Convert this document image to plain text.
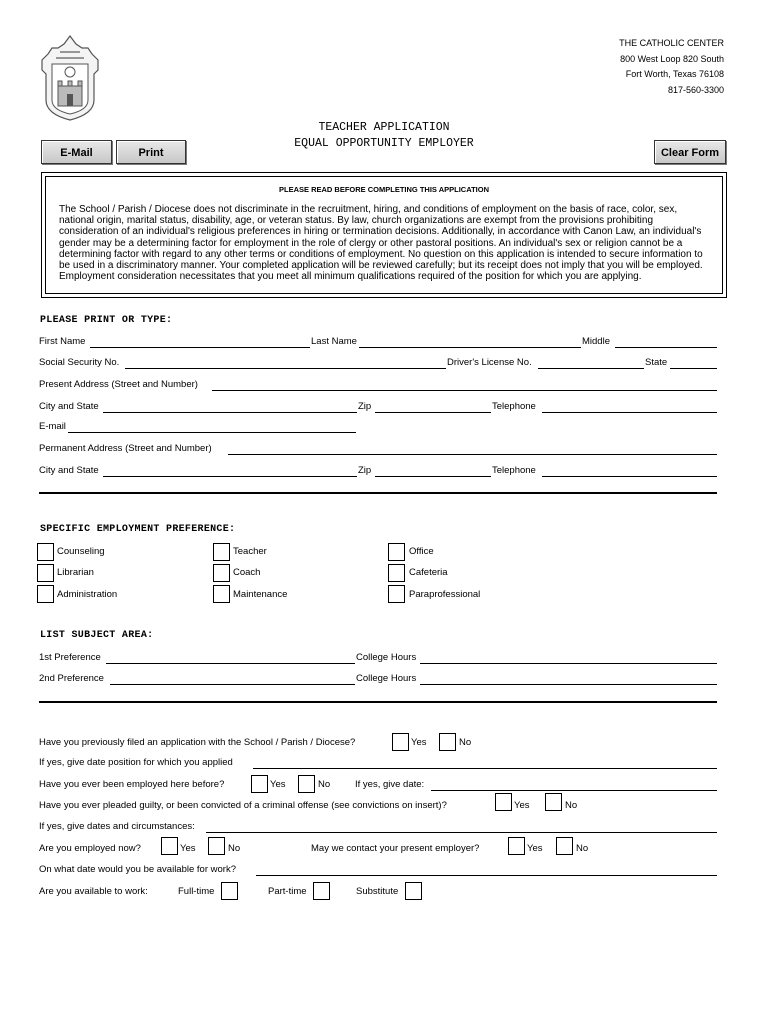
THE CATHOLIC CENTER
800 West Loop 820 South
Fort Worth, Texas 76108
817-560-3300
TEACHER APPLICATION
EQUAL OPPORTUNITY EMPLOYER
E-Mail	Print	Clear Form
PLEASE READ BEFORE COMPLETING THIS APPLICATION
The School / Parish / Diocese does not discriminate in the recruitment, hiring, and conditions of employment on the basis of race, color, sex, national origin, marital status, disability, age, or veteran status. By law, church organizations are exempt from the provisions prohibiting consideration of an individual's religious preferences in hiring or termination decisions. Additionally, in accordance with Canon Law, an individual's gender may be a determining factor for employment in the role of clergy or other pastoral positions. An individual's sex or religion cannot be a determining factor with regard to any other terms or conditions of employment. No question on this application is intended to secure information to be used in a discriminatory manner. Your completed application will be reviewed carefully; but its receipt does not imply that you will be employed. Employment consideration necessitates that you meet all minimum qualifications required of the position for which you are applying.
PLEASE PRINT OR TYPE:
First Name	Last Name	Middle
Social Security No.	Driver's License No.	State
Present Address (Street and Number)
City and State	Zip	Telephone
E-mail
Permanent Address (Street and Number)
City and State	Zip	Telephone
SPECIFIC EMPLOYMENT PREFERENCE:
Counseling	Teacher	Office
Librarian	Coach	Cafeteria
Administration	Maintenance	Paraprofessional
LIST SUBJECT AREA:
1st Preference	College Hours
2nd Preference	College Hours
Have you previously filed an application with the School / Parish / Diocese?	Yes	No
If yes, give date position for which you applied
Have you ever been employed here before?	Yes	No	If yes, give date:
Have you ever pleaded guilty, or been convicted of a criminal offense (see convictions on insert)?	Yes	No
If yes, give dates and circumstances:
Are you employed now?	Yes	No	May we contact your present employer?	Yes	No
On what date would you be available for work?
Are you available to work:	Full-time	Part-time	Substitute
